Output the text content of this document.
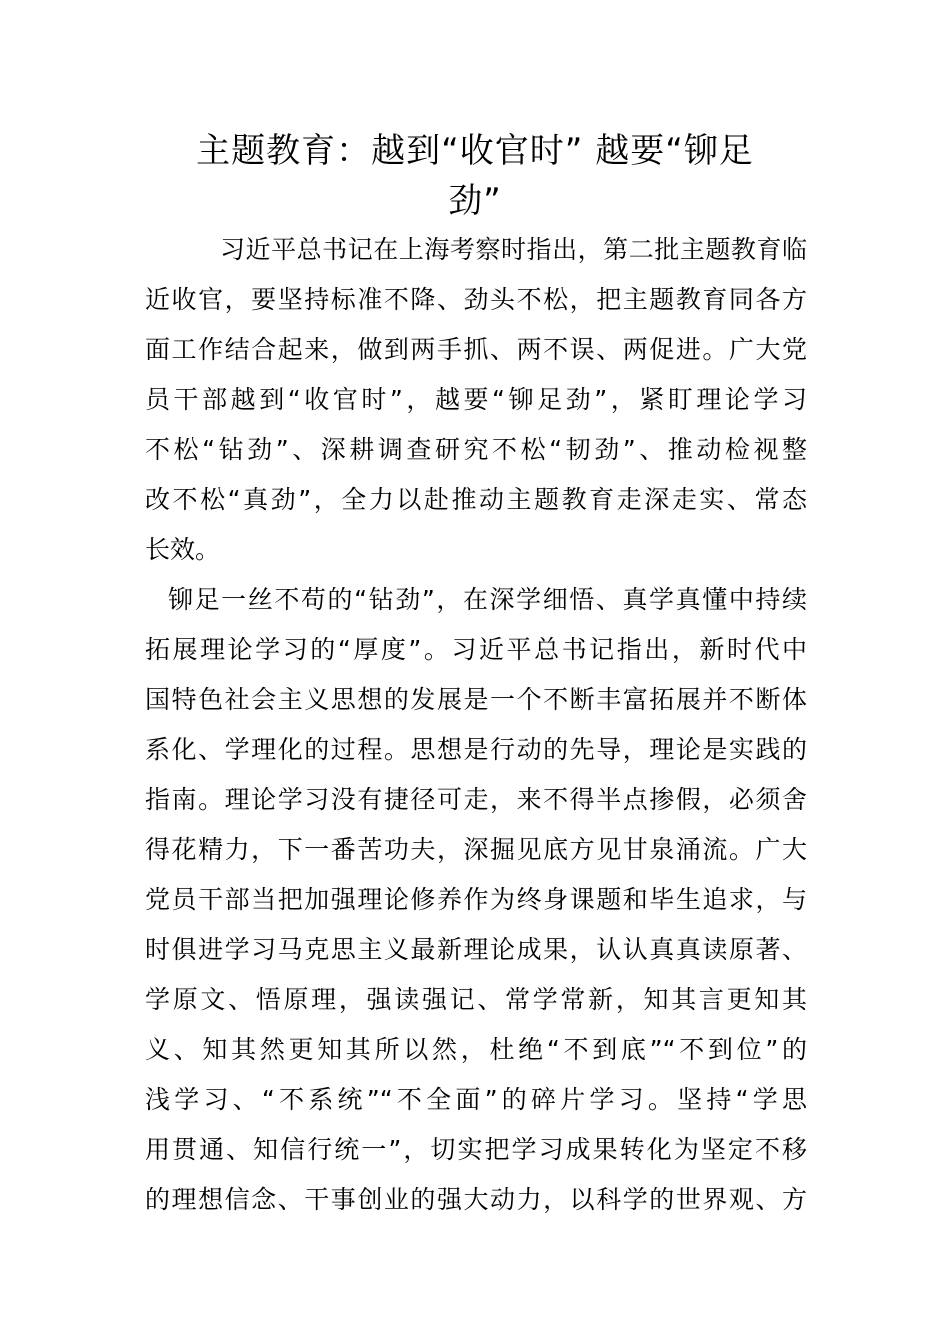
主题教育：越到“收官时” 越要“铆足
劲”
习近平总书记在上海考察时指出，第二批主题教育临
近收官，要坚持标准不降、劲头不松，把主题教育同各方
面工作结合起来，做到两手抓、两不误、两促进。广大党
员干部越到“收官时”，越要“铆足劲”，紧盯理论学习
不松“钻劲”、深耕调查研究不松“韧劲”、推动检视整
改不松“真劲”，全力以赴推动主题教育走深走实、常态
长效。
铆足一丝不苟的“钻劲”，在深学细悟、真学真懂中持续
拓展理论学习的“厚度”。习近平总书记指出，新时代中
国特色社会主义思想的发展是一个不断丰富拓展并不断体
系化、学理化的过程。思想是行动的先导，理论是实践的
指南。理论学习没有捷径可走，来不得半点掺假，必须舍
得花精力，下一番苦功夫，深掘见底方见甘泉涌流。广大
党员干部当把加强理论修养作为终身课题和毕生追求，与
时俱进学习马克思主义最新理论成果，认认真真读原著、
学原文、悟原理，强读强记、常学常新，知其言更知其
义、知其然更知其所以然，杜绝“不到底”“不到位”的
浅学习、“不系统”“不全面”的碎片学习。坚持“学思
用贯通、知信行统一”，切实把学习成果转化为坚定不移
的理想信念、干事创业的强大动力，以科学的世界观、方
